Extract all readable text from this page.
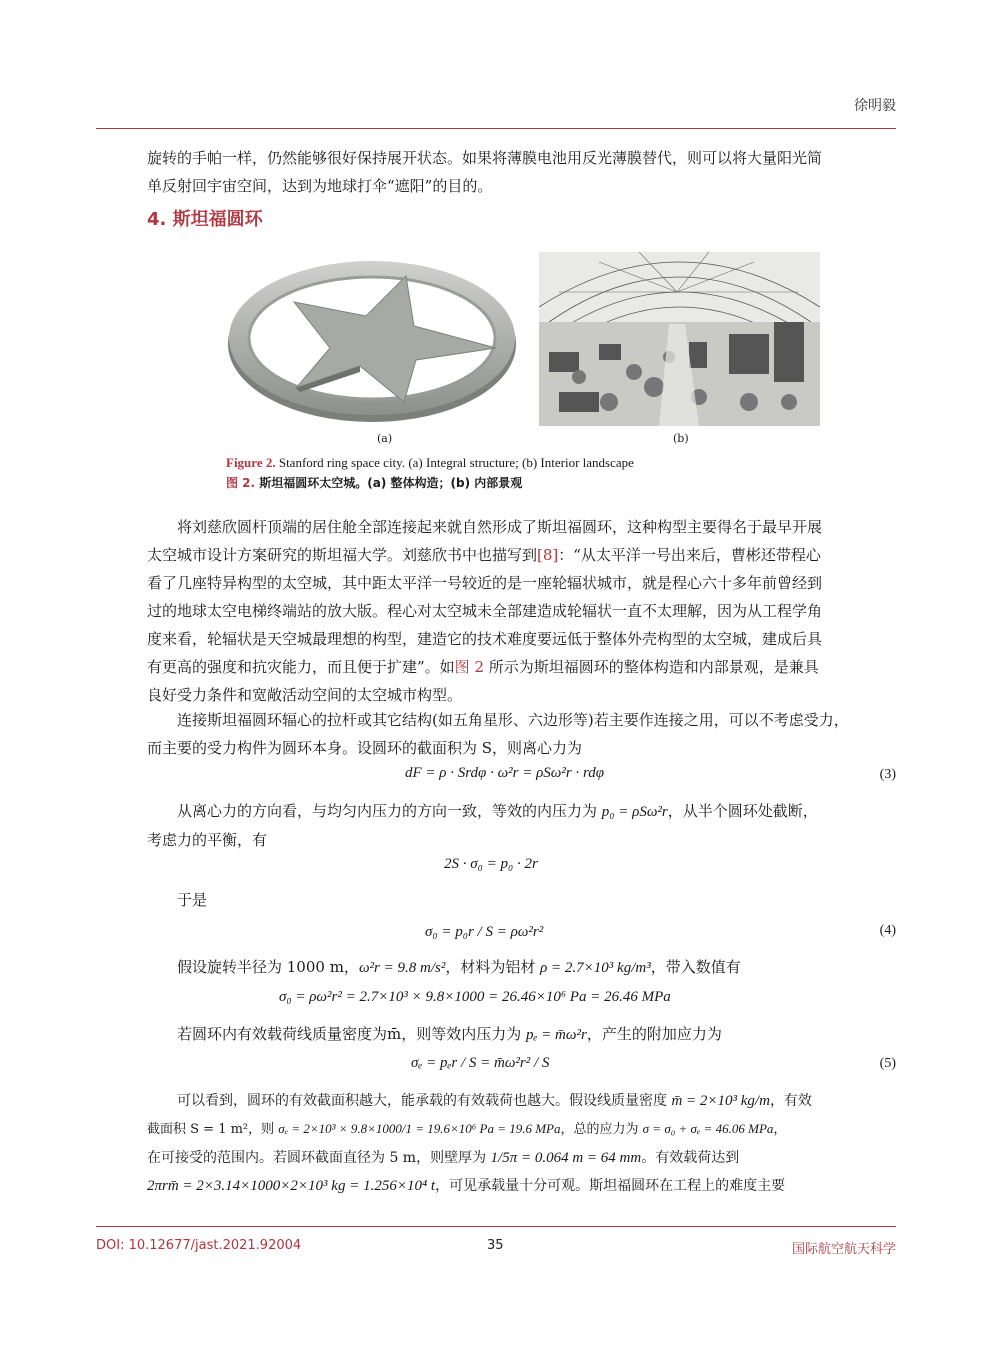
徐明毅
旋转的手帕一样，仍然能够很好保持展开状态。如果将薄膜电池用反光薄膜替代，则可以将大量阳光简
单反射回宇宙空间，达到为地球打伞“遮阳”的目的。
4. 斯坦福圆环
(a)	(b)
Figure 2. Stanford ring space city. (a) Integral structure; (b) Interior landscape
图 2. 斯坦福圆环太空城。(a) 整体构造；(b) 内部景观
将刘慈欣圆杆顶端的居住舱全部连接起来就自然形成了斯坦福圆环，这种构型主要得名于最早开展
太空城市设计方案研究的斯坦福大学。刘慈欣书中也描写到[8]：“从太平洋一号出来后，曹彬还带程心
看了几座特异构型的太空城，其中距太平洋一号较近的是一座轮辐状城市，就是程心六十多年前曾经到
过的地球太空电梯终端站的放大版。程心对太空城未全部建造成轮辐状一直不太理解，因为从工程学角
度来看，轮辐状是天空城最理想的构型，建造它的技术难度要远低于整体外壳构型的太空城，建成后具
有更高的强度和抗灾能力，而且便于扩建”。如图 2 所示为斯坦福圆环的整体构造和内部景观，是兼具
良好受力条件和宽敞活动空间的太空城市构型。
连接斯坦福圆环辐心的拉杆或其它结构(如五角星形、六边形等)若主要作连接之用，可以不考虑受力，
而主要的受力构件为圆环本身。设圆环的截面积为 S，则离心力为
dF = ρ · Srdφ · ω²r = ρSω²r · rdφ	(3)
从离心力的方向看，与均匀内压力的方向一致，等效的内压力为 p₀ = ρSω²r，从半个圆环处截断，
考虑力的平衡，有
2S · σ₀ = p₀ · 2r
于是
σ₀ = p₀r / S = ρω²r²	(4)
假设旋转半径为 1000 m，ω²r = 9.8 m/s²，材料为铝材 ρ = 2.7×10³ kg/m³，带入数值有
σ₀ = ρω²r² = 2.7×10³ × 9.8×1000 = 26.46×10⁶ Pa = 26.46 MPa
若圆环内有效载荷线质量密度为m̄，则等效内压力为 pₑ = m̄ω²r，产生的附加应力为
σₑ = pₑr / S = m̄ω²r² / S	(5)
可以看到，圆环的有效截面积越大，能承载的有效载荷也越大。假设线质量密度 m̄ = 2×10³ kg/m，有效
截面积 S = 1 m²，则 σₑ = 2×10³ × 9.8×1000/1 = 19.6×10⁶ Pa = 19.6 MPa，总的应力为 σ = σ₀ + σₑ = 46.06 MPa，
在可接受的范围内。若圆环截面直径为 5 m，则壁厚为 1/5π = 0.064 m = 64 mm。有效载荷达到
2πrm̄ = 2×3.14×1000×2×10³ kg = 1.256×10⁴ t，可见承载量十分可观。斯坦福圆环在工程上的难度主要
DOI: 10.12677/jast.2021.92004	35	国际航空航天科学
